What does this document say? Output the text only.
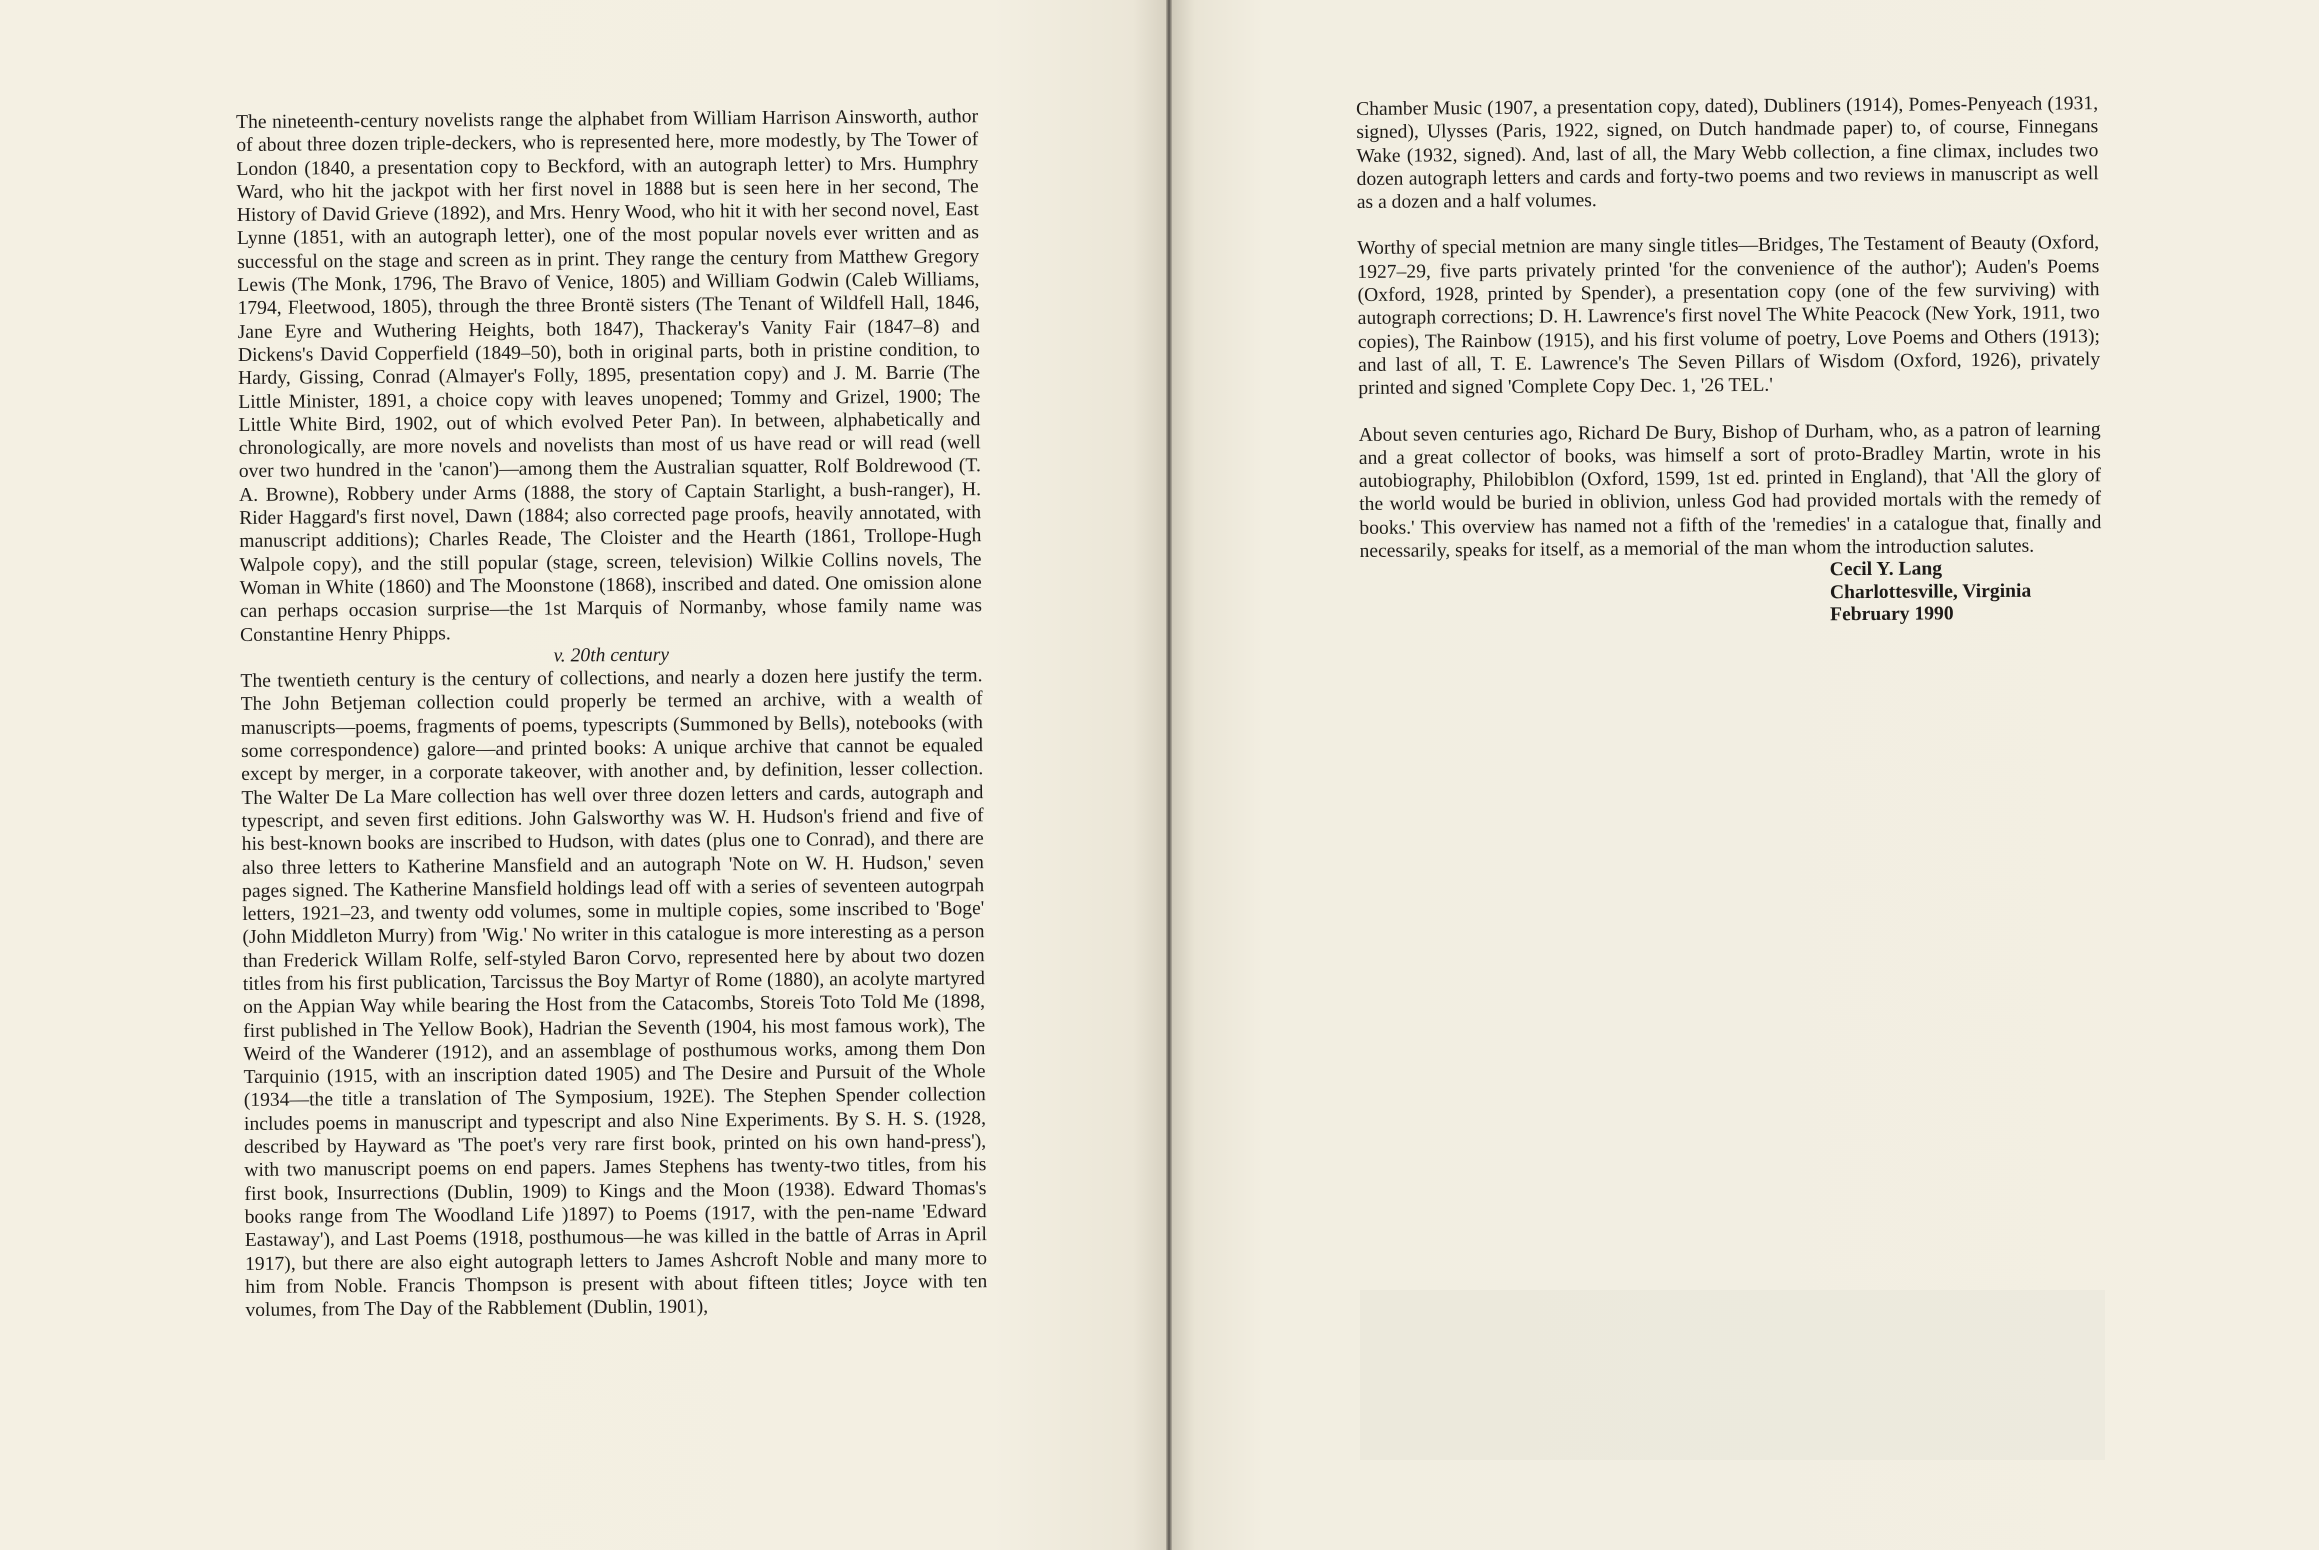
The nineteenth-century novelists range the alphabet from William Harrison Ainsworth, author of about three dozen triple-deckers, who is represented here, more modestly, by The Tower of London (1840, a presentation copy to Beckford, with an autograph letter) to Mrs. Humphry Ward, who hit the jackpot with her first novel in 1888 but is seen here in her second, The History of David Grieve (1892), and Mrs. Henry Wood, who hit it with her second novel, East Lynne (1851, with an autograph letter), one of the most popular novels ever written and as successful on the stage and screen as in print. They range the century from Matthew Gregory Lewis (The Monk, 1796, The Bravo of Venice, 1805) and William Godwin (Caleb Williams, 1794, Fleetwood, 1805), through the three Brontë sisters (The Tenant of Wildfell Hall, 1846, Jane Eyre and Wuthering Heights, both 1847), Thackeray's Vanity Fair (1847–8) and Dickens's David Copperfield (1849–50), both in original parts, both in pristine condition, to Hardy, Gissing, Conrad (Almayer's Folly, 1895, presentation copy) and J. M. Barrie (The Little Minister, 1891, a choice copy with leaves unopened; Tommy and Grizel, 1900; The Little White Bird, 1902, out of which evolved Peter Pan). In between, alphabetically and chronologically, are more novels and novelists than most of us have read or will read (well over two hundred in the 'canon')—among them the Australian squatter, Rolf Boldrewood (T. A. Browne), Robbery under Arms (1888, the story of Captain Starlight, a bush-ranger), H. Rider Haggard's first novel, Dawn (1884; also corrected page proofs, heavily annotated, with manuscript additions); Charles Reade, The Cloister and the Hearth (1861, Trollope-Hugh Walpole copy), and the still popular (stage, screen, television) Wilkie Collins novels, The Woman in White (1860) and The Moonstone (1868), inscribed and dated. One omission alone can perhaps occasion surprise—the 1st Marquis of Normanby, whose family name was Constantine Henry Phipps.

v. 20th century

The twentieth century is the century of collections, and nearly a dozen here justify the term. The John Betjeman collection could properly be termed an archive, with a wealth of manuscripts—poems, fragments of poems, typescripts (Summoned by Bells), notebooks (with some correspondence) galore—and printed books: A unique archive that cannot be equaled except by merger, in a corporate takeover, with another and, by definition, lesser collection. The Walter De La Mare collection has well over three dozen letters and cards, autograph and typescript, and seven first editions. John Galsworthy was W. H. Hudson's friend and five of his best-known books are inscribed to Hudson, with dates (plus one to Conrad), and there are also three letters to Katherine Mansfield and an autograph 'Note on W. H. Hudson,' seven pages signed. The Katherine Mansfield holdings lead off with a series of seventeen autogrpah letters, 1921–23, and twenty odd volumes, some in multiple copies, some inscribed to 'Boge' (John Middleton Murry) from 'Wig.' No writer in this catalogue is more interesting as a person than Frederick Willam Rolfe, self-styled Baron Corvo, represented here by about two dozen titles from his first publication, Tarcissus the Boy Martyr of Rome (1880), an acolyte martyred on the Appian Way while bearing the Host from the Catacombs, Storeis Toto Told Me (1898, first published in The Yellow Book), Hadrian the Seventh (1904, his most famous work), The Weird of the Wanderer (1912), and an assemblage of posthumous works, among them Don Tarquinio (1915, with an inscription dated 1905) and The Desire and Pursuit of the Whole (1934—the title a translation of The Symposium, 192E). The Stephen Spender collection includes poems in manuscript and typescript and also Nine Experiments. By S. H. S. (1928, described by Hayward as 'The poet's very rare first book, printed on his own hand-press'), with two manuscript poems on end papers. James Stephens has twenty-two titles, from his first book, Insurrections (Dublin, 1909) to Kings and the Moon (1938). Edward Thomas's books range from The Woodland Life )1897) to Poems (1917, with the pen-name 'Edward Eastaway'), and Last Poems (1918, posthumous—he was killed in the battle of Arras in April 1917), but there are also eight autograph letters to James Ashcroft Noble and many more to him from Noble. Francis Thompson is present with about fifteen titles; Joyce with ten volumes, from The Day of the Rabblement (Dublin, 1901),

Chamber Music (1907, a presentation copy, dated), Dubliners (1914), Pomes-Penyeach (1931, signed), Ulysses (Paris, 1922, signed, on Dutch handmade paper) to, of course, Finnegans Wake (1932, signed). And, last of all, the Mary Webb collection, a fine climax, includes two dozen autograph letters and cards and forty-two poems and two reviews in manuscript as well as a dozen and a half volumes.

Worthy of special metnion are many single titles—Bridges, The Testament of Beauty (Oxford, 1927–29, five parts privately printed 'for the convenience of the author'); Auden's Poems (Oxford, 1928, printed by Spender), a presentation copy (one of the few surviving) with autograph corrections; D. H. Lawrence's first novel The White Peacock (New York, 1911, two copies), The Rainbow (1915), and his first volume of poetry, Love Poems and Others (1913); and last of all, T. E. Lawrence's The Seven Pillars of Wisdom (Oxford, 1926), privately printed and signed 'Complete Copy Dec. 1, '26 TEL.'

About seven centuries ago, Richard De Bury, Bishop of Durham, who, as a patron of learning and a great collector of books, was himself a sort of proto-Bradley Martin, wrote in his autobiography, Philobiblon (Oxford, 1599, 1st ed. printed in England), that 'All the glory of the world would be buried in oblivion, unless God had provided mortals with the remedy of books.' This overview has named not a fifth of the 'remedies' in a catalogue that, finally and necessarily, speaks for itself, as a memorial of the man whom the introduction salutes.

Cecil Y. Lang
Charlottesville, Virginia
February 1990
